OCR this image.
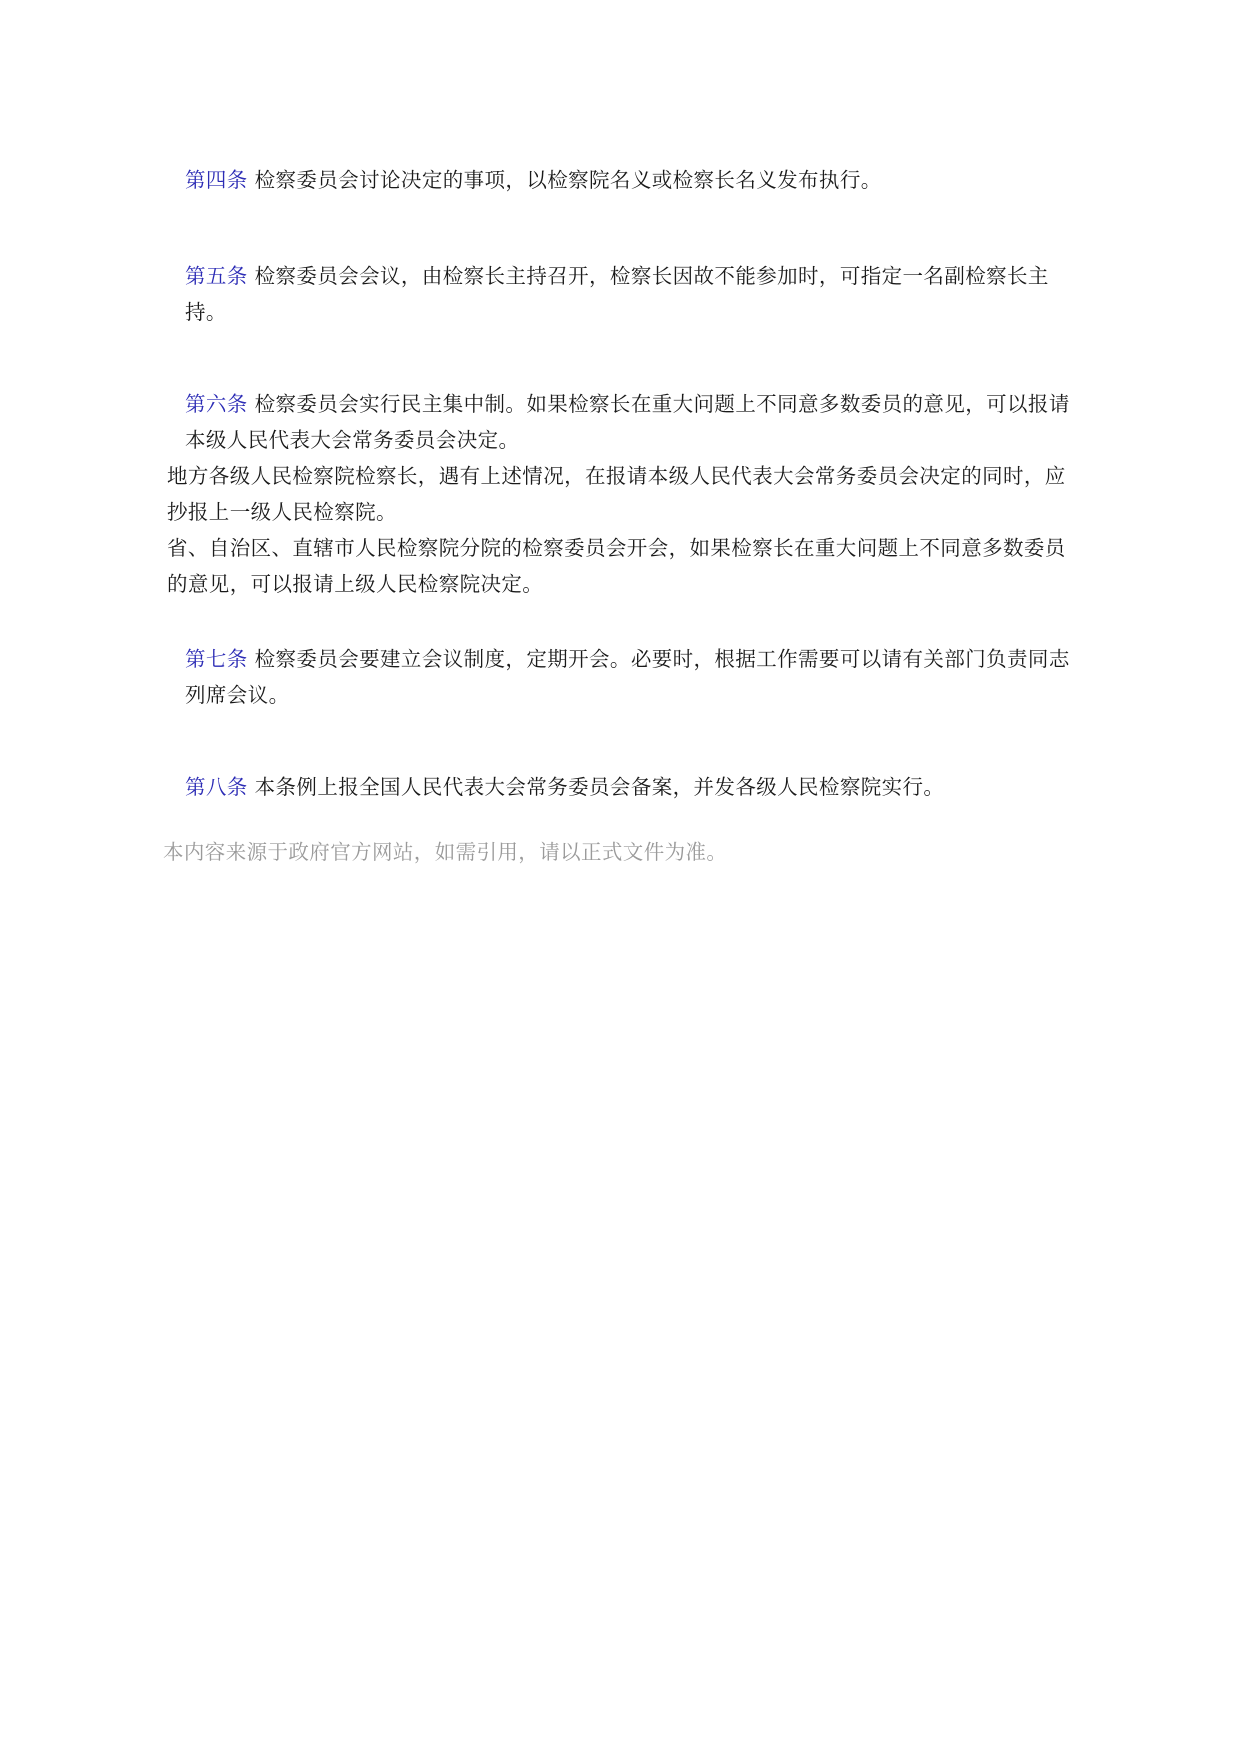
第四条 检察委员会讨论决定的事项，以检察院名义或检察长名义发布执行。

第五条 检察委员会会议，由检察长主持召开，检察长因故不能参加时，可指定一名副检察长主持。

第六条 检察委员会实行民主集中制。如果检察长在重大问题上不同意多数委员的意见，可以报请本级人民代表大会常务委员会决定。

地方各级人民检察院检察长，遇有上述情况，在报请本级人民代表大会常务委员会决定的同时，应抄报上一级人民检察院。

省、自治区、直辖市人民检察院分院的检察委员会开会，如果检察长在重大问题上不同意多数委员的意见，可以报请上级人民检察院决定。

第七条 检察委员会要建立会议制度，定期开会。必要时，根据工作需要可以请有关部门负责同志列席会议。

第八条 本条例上报全国人民代表大会常务委员会备案，并发各级人民检察院实行。

本内容来源于政府官方网站，如需引用，请以正式文件为准。
